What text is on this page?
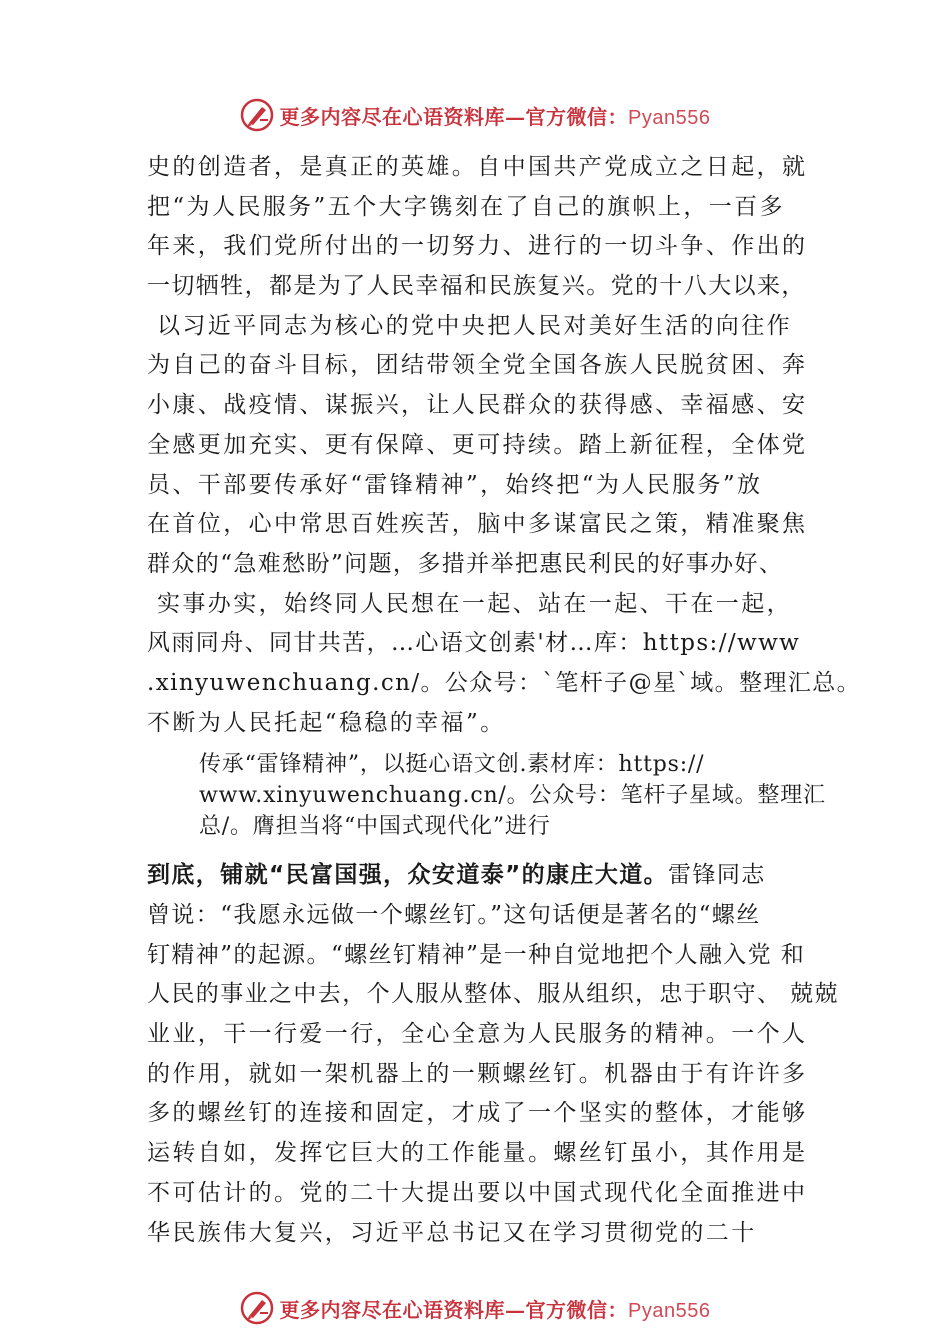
更多内容尽在心语资料库—官方微信：Pyan556
史的创造者，是真正的英雄。自中国共产党成立之日起，就
把“为人民服务”五个大字镌刻在了自己的旗帜上，一百多
年来，我们党所付出的一切努力、进行的一切斗争、作出的
一切牺牲，都是为了人民幸福和民族复兴。党的十八大以来，
以习近平同志为核心的党中央把人民对美好生活的向往作
为自己的奋斗目标，团结带领全党全国各族人民脱贫困、奔
小康、战疫情、谋振兴，让人民群众的获得感、幸福感、安
全感更加充实、更有保障、更可持续。踏上新征程，全体党
员、干部要传承好“雷锋精神”，始终把“为人民服务”放
在首位，心中常思百姓疾苦，脑中多谋富民之策，精准聚焦
群众的“急难愁盼”问题，多措并举把惠民利民的好事办好、
实事办实，始终同人民想在一起、站在一起、干在一起，
风雨同舟、同甘共苦，…心语文创素'材…库：https://www
.xinyuwenchuang.cn/。公众号：`笔杆子@星`域。整理汇总。
不断为人民托起“稳稳的幸福”。
传承“雷锋精神”，以挺心语文创.素材库：https://
www.xinyuwenchuang.cn/。公众号：笔杆子星域。整理汇
总/。膺担当将“中国式现代化”进行
到底，铺就“民富国强，众安道泰”的康庄大道。雷锋同志
曾说：“我愿永远做一个螺丝钉。”这句话便是著名的“螺丝
钉精神”的起源。“螺丝钉精神”是一种自觉地把个人融入党 和
人民的事业之中去，个人服从整体、服从组织，忠于职守、 兢兢
业业，干一行爱一行，全心全意为人民服务的精神。一个人
的作用，就如一架机器上的一颗螺丝钉。机器由于有许许多
多的螺丝钉的连接和固定，才成了一个坚实的整体，才能够
运转自如，发挥它巨大的工作能量。螺丝钉虽小，其作用是
不可估计的。党的二十大提出要以中国式现代化全面推进中
华民族伟大复兴，习近平总书记又在学习贯彻党的二十
更多内容尽在心语资料库—官方微信：Pyan556
